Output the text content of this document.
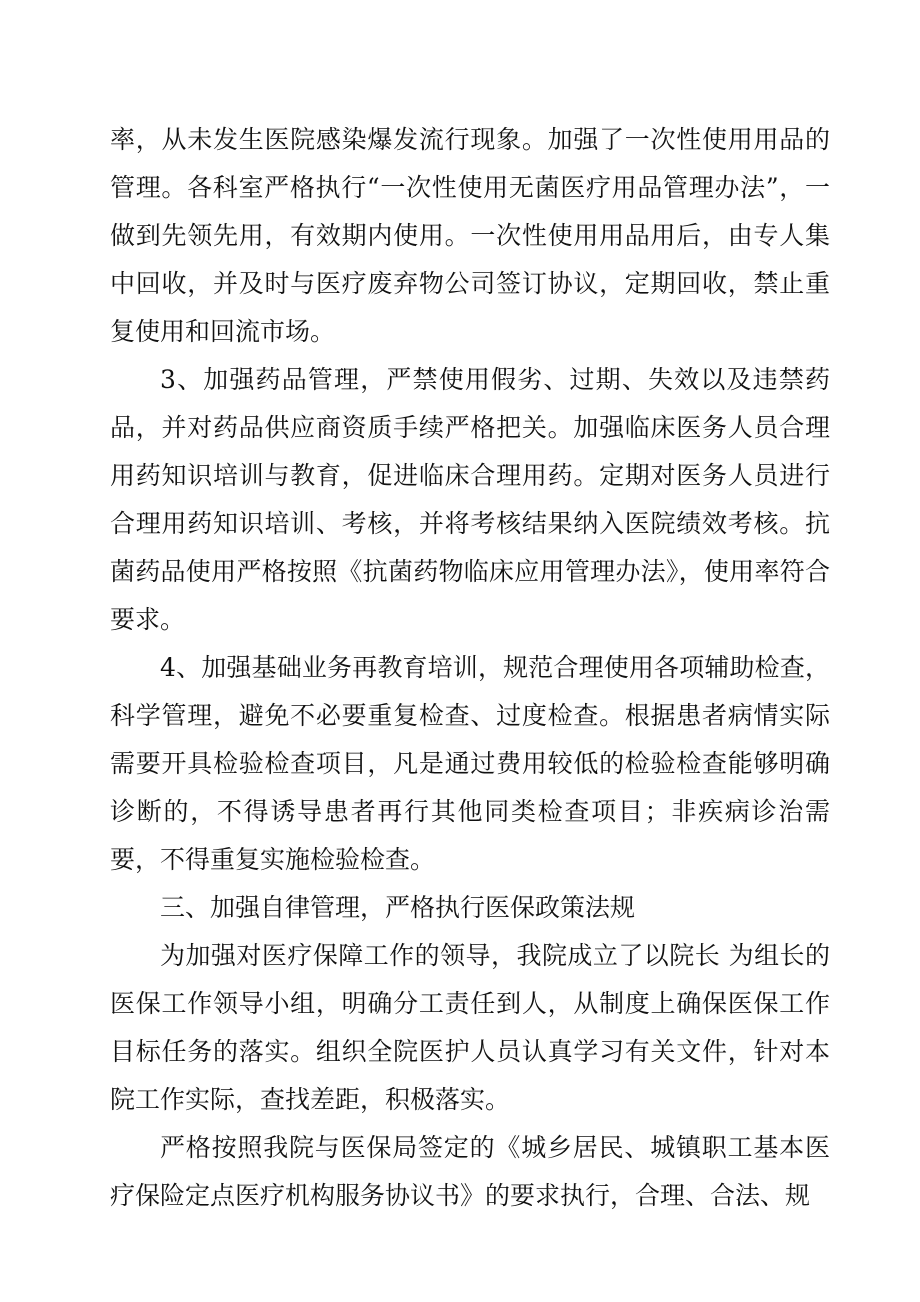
率，从未发生医院感染爆发流行现象。加强了一次性使用用品的管理。各科室严格执行“一次性使用无菌医疗用品管理办法”，一做到先领先用，有效期内使用。一次性使用用品用后，由专人集中回收，并及时与医疗废弃物公司签订协议，定期回收，禁止重复使用和回流市场。

3、加强药品管理，严禁使用假劣、过期、失效以及违禁药品，并对药品供应商资质手续严格把关。加强临床医务人员合理用药知识培训与教育，促进临床合理用药。定期对医务人员进行合理用药知识培训、考核，并将考核结果纳入医院绩效考核。抗菌药品使用严格按照《抗菌药物临床应用管理办法》，使用率符合要求。

4、加强基础业务再教育培训，规范合理使用各项辅助检查，科学管理，避免不必要重复检查、过度检查。根据患者病情实际需要开具检验检查项目，凡是通过费用较低的检验检查能够明确诊断的，不得诱导患者再行其他同类检查项目；非疾病诊治需要，不得重复实施检验检查。

三、加强自律管理，严格执行医保政策法规

为加强对医疗保障工作的领导，我院成立了以院长 为组长的医保工作领导小组，明确分工责任到人，从制度上确保医保工作目标任务的落实。组织全院医护人员认真学习有关文件，针对本院工作实际，查找差距，积极落实。

严格按照我院与医保局签定的《城乡居民、城镇职工基本医疗保险定点医疗机构服务协议书》的要求执行，合理、合法、规
